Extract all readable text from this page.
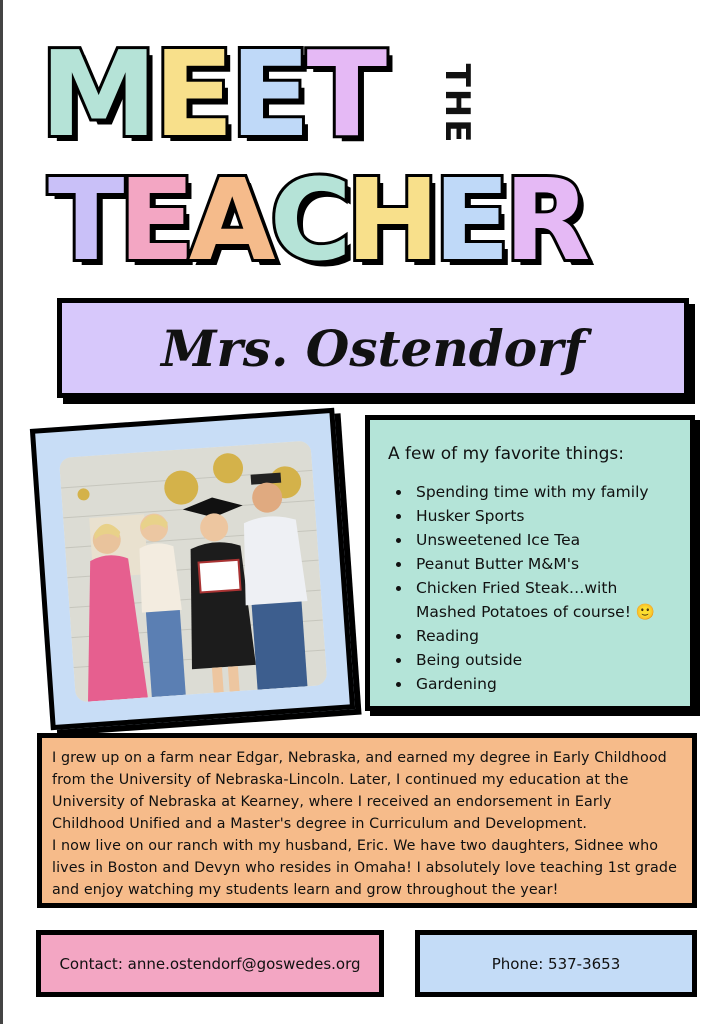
MEET THE
TEACHER
Mrs. Ostendorf
A few of my favorite things:
• Spending time with my family
• Husker Sports
• Unsweetened Ice Tea
• Peanut Butter M&M's
• Chicken Fried Steak…with Mashed Potatoes of course! 🙂
• Reading
• Being outside
• Gardening

I grew up on a farm near Edgar, Nebraska, and earned my degree in Early Childhood from the University of Nebraska-Lincoln. Later, I continued my education at the University of Nebraska at Kearney, where I received an endorsement in Early Childhood Unified and a Master's degree in Curriculum and Development.

I now live on our ranch with my husband, Eric. We have two daughters, Sidnee who lives in Boston and Devyn who resides in Omaha! I absolutely love teaching 1st grade and enjoy watching my students learn and grow throughout the year!

Contact: anne.ostendorf@goswedes.org	Phone: 537-3653
